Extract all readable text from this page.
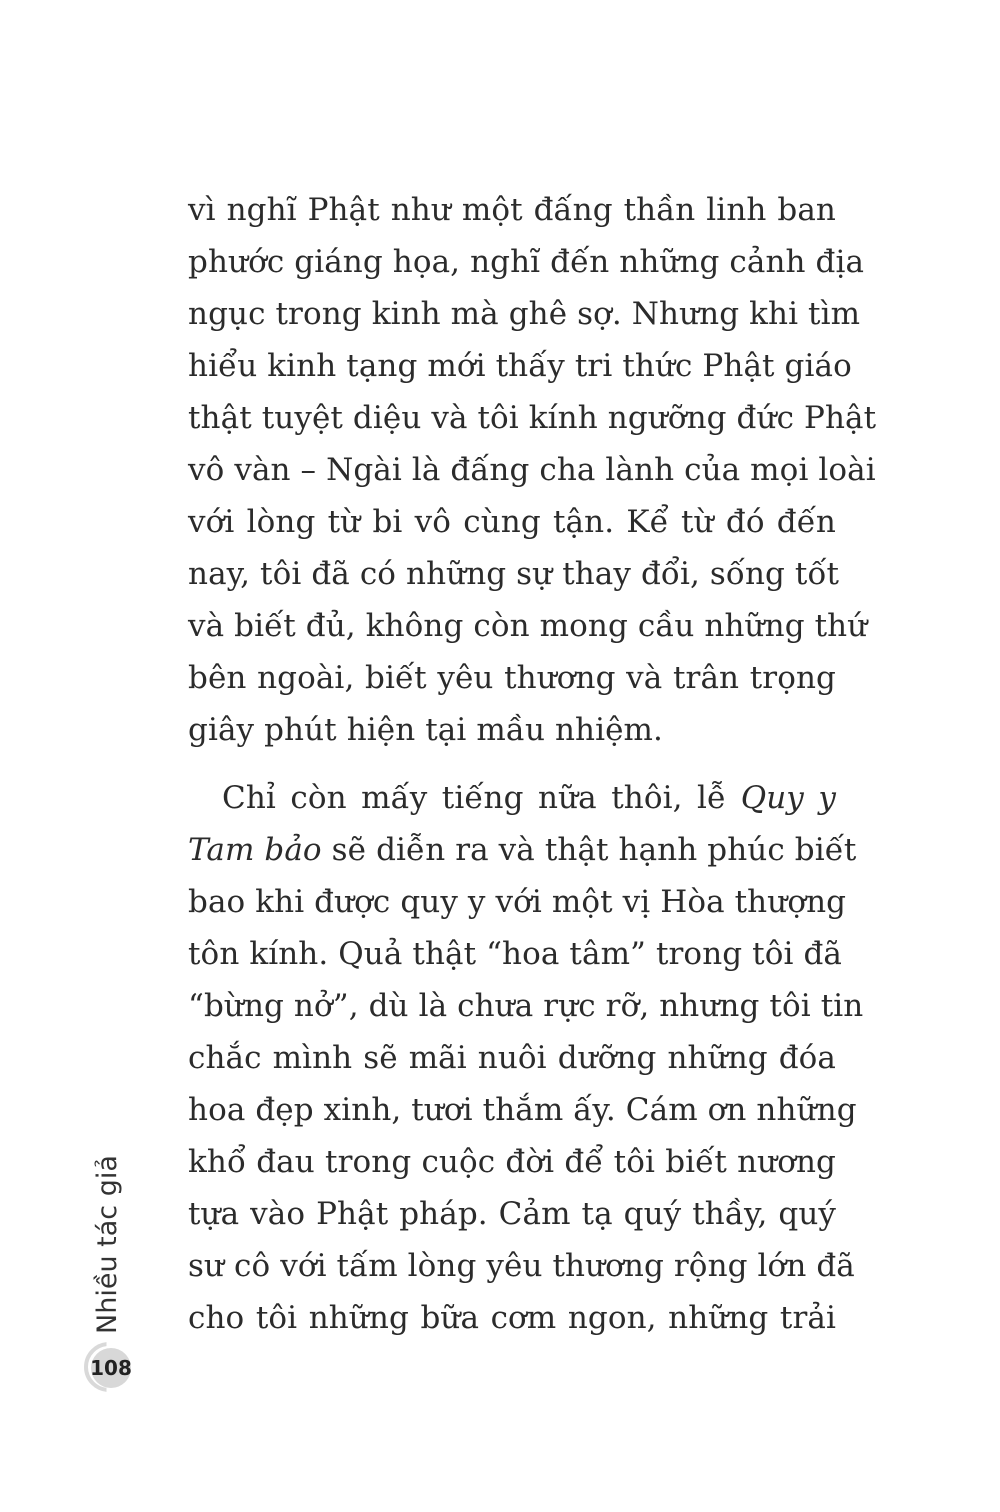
vì nghĩ Phật như một đấng thần linh ban
phước giáng họa, nghĩ đến những cảnh địa
ngục trong kinh mà ghê sợ. Nhưng khi tìm
hiểu kinh tạng mới thấy tri thức Phật giáo
thật tuyệt diệu và tôi kính ngưỡng đức Phật
vô vàn – Ngài là đấng cha lành của mọi loài
với lòng từ bi vô cùng tận. Kể từ đó đến
nay, tôi đã có những sự thay đổi, sống tốt
và biết đủ, không còn mong cầu những thứ
bên ngoài, biết yêu thương và trân trọng
giây phút hiện tại mầu nhiệm.
Chỉ còn mấy tiếng nữa thôi, lễ Quy y
Tam bảo sẽ diễn ra và thật hạnh phúc biết
bao khi được quy y với một vị Hòa thượng
tôn kính. Quả thật “hoa tâm” trong tôi đã
“bừng nở”, dù là chưa rực rỡ, nhưng tôi tin
chắc mình sẽ mãi nuôi dưỡng những đóa
hoa đẹp xinh, tươi thắm ấy. Cám ơn những
khổ đau trong cuộc đời để tôi biết nương
tựa vào Phật pháp. Cảm tạ quý thầy, quý
sư cô với tấm lòng yêu thương rộng lớn đã
cho tôi những bữa cơm ngon, những trải
Nhiều tác giả
108
